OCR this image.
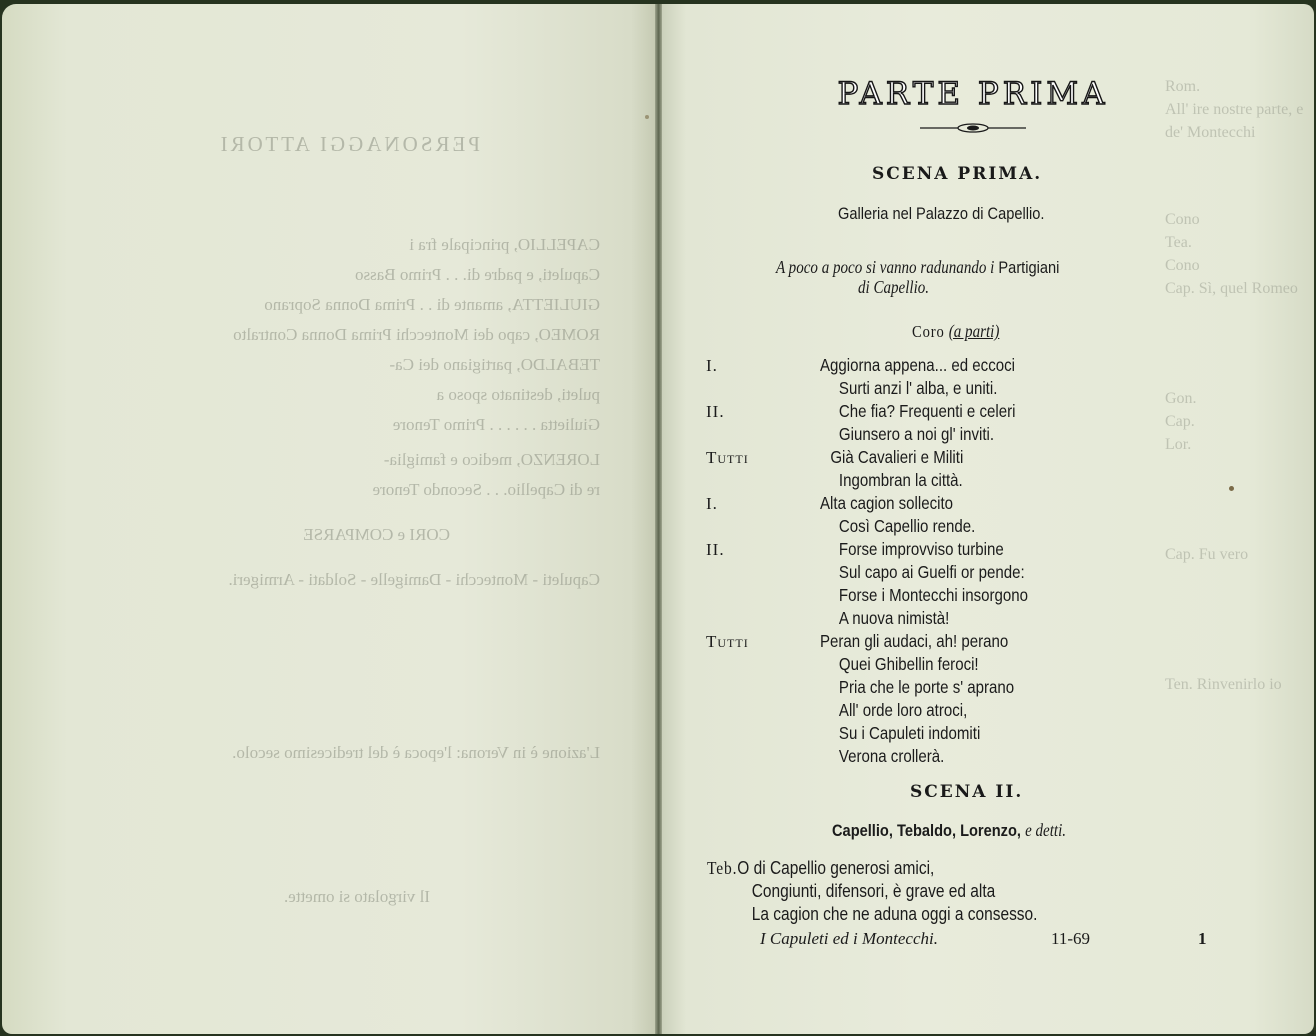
PERSONAGGI ATTORI
CAPELLIO, principale fra i
Capuleti, e padre di. . . Primo Basso
GIULIETTA, amante di . . Prima Donna Soprano
ROMEO, capo dei Montecchi Prima Donna Contralto
TEBALDO, partigiano dei Ca-
puleti, destinato sposo a
Giulietta . . . . . . Primo Tenore
LORENZO, medico e famiglia-
re di Capellio. . . Secondo Tenore
CORI e COMPARSE
Capuleti - Montecchi - Damigelle - Soldati - Armigeri.
L'azione è in Verona: l'epoca è del tredicesimo secolo.
Il virgolato si omette.
Rom.
All' ire nostre parte, e de' Montecchi
Cono
Tea.
Cono
Cap. Sì, quel Romeo
Gon.
Cap.
Lor.
Cap. Fu vero
Ten. Rinvenirlo io
PARTE PRIMA
SCENA PRIMA.
Galleria nel Palazzo di Capellio.
A poco a poco si vanno radunando i Partigiani
di Capellio.
Coro (a parti)
I.
II.
Tutti
I.
II.
Tutti
Aggiorna appena... ed eccoci
Surti anzi l' alba, e uniti.
Che fia? Frequenti e celeri
Giunsero a noi gl' inviti.
Già Cavalieri e Militi
Ingombran la città.
Alta cagion sollecito
Così Capellio rende.
Forse improvviso turbine
Sul capo ai Guelfi or pende:
Forse i Montecchi insorgono
A nuova nimistà!
Peran gli audaci, ah! perano
Quei Ghibellin feroci!
Pria che le porte s' aprano
All' orde loro atroci,
Su i Capuleti indomiti
Verona crollerà.
SCENA II.
Capellio, Tebaldo, Lorenzo, e detti.
Teb.O di Capellio generosi amici,
Congiunti, difensori, è grave ed alta
La cagion che ne aduna oggi a consesso.
I Capuleti ed i Montecchi.	11-69	1
